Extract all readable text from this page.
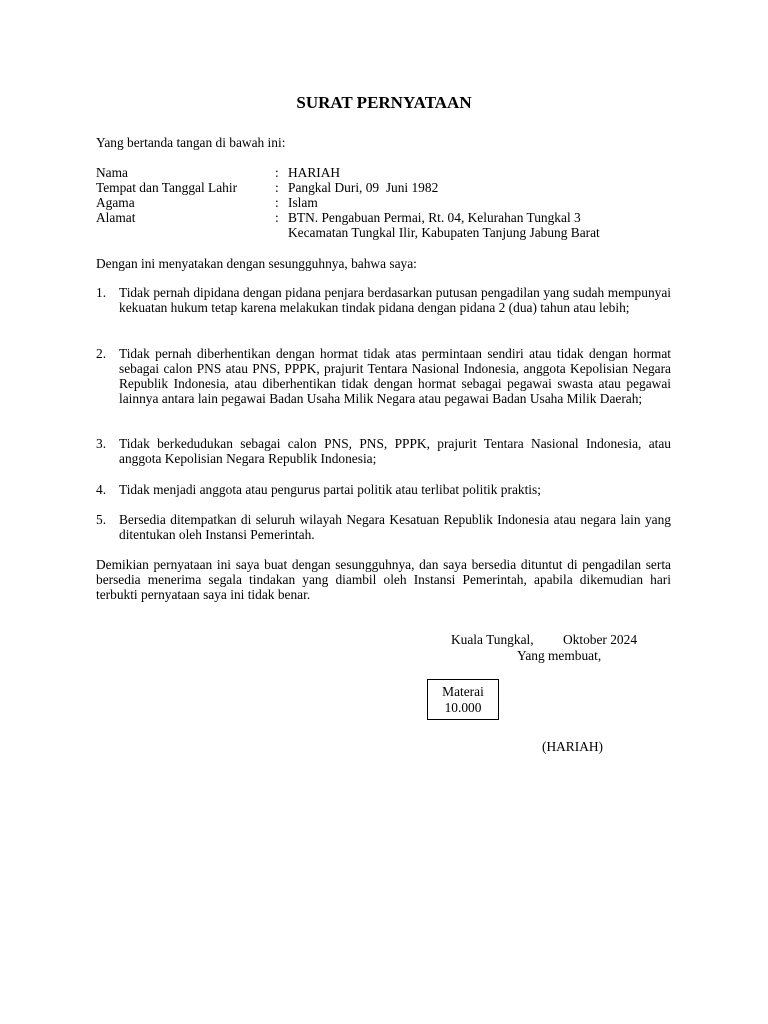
SURAT PERNYATAAN
Yang bertanda tangan di bawah ini:
Nama	: HARIAH
Tempat dan Tanggal Lahir	: Pangkal Duri, 09  Juni 1982
Agama	: Islam
Alamat	: BTN. Pengabuan Permai, Rt. 04, Kelurahan Tungkal 3
Kecamatan Tungkal Ilir, Kabupaten Tanjung Jabung Barat
Dengan ini menyatakan dengan sesungguhnya, bahwa saya:
1. Tidak pernah dipidana dengan pidana penjara berdasarkan putusan pengadilan yang sudah mempunyai kekuatan hukum tetap karena melakukan tindak pidana dengan pidana 2 (dua) tahun atau lebih;
2. Tidak pernah diberhentikan dengan hormat tidak atas permintaan sendiri atau tidak dengan hormat sebagai calon PNS atau PNS, PPPK, prajurit Tentara Nasional Indonesia, anggota Kepolisian Negara Republik Indonesia, atau diberhentikan tidak dengan hormat sebagai pegawai swasta atau pegawai lainnya antara lain pegawai Badan Usaha Milik Negara atau pegawai Badan Usaha Milik Daerah;
3. Tidak berkedudukan sebagai calon PNS, PNS, PPPK, prajurit Tentara Nasional Indonesia, atau anggota Kepolisian Negara Republik Indonesia;
4. Tidak menjadi anggota atau pengurus partai politik atau terlibat politik praktis;
5. Bersedia ditempatkan di seluruh wilayah Negara Kesatuan Republik Indonesia atau negara lain yang ditentukan oleh Instansi Pemerintah.
Demikian pernyataan ini saya buat dengan sesungguhnya, dan saya bersedia dituntut di pengadilan serta bersedia menerima segala tindakan yang diambil oleh Instansi Pemerintah, apabila dikemudian hari terbukti pernyataan saya ini tidak benar.
Kuala Tungkal, Oktober 2024
Yang membuat,
Materai
10.000
(HARIAH)
